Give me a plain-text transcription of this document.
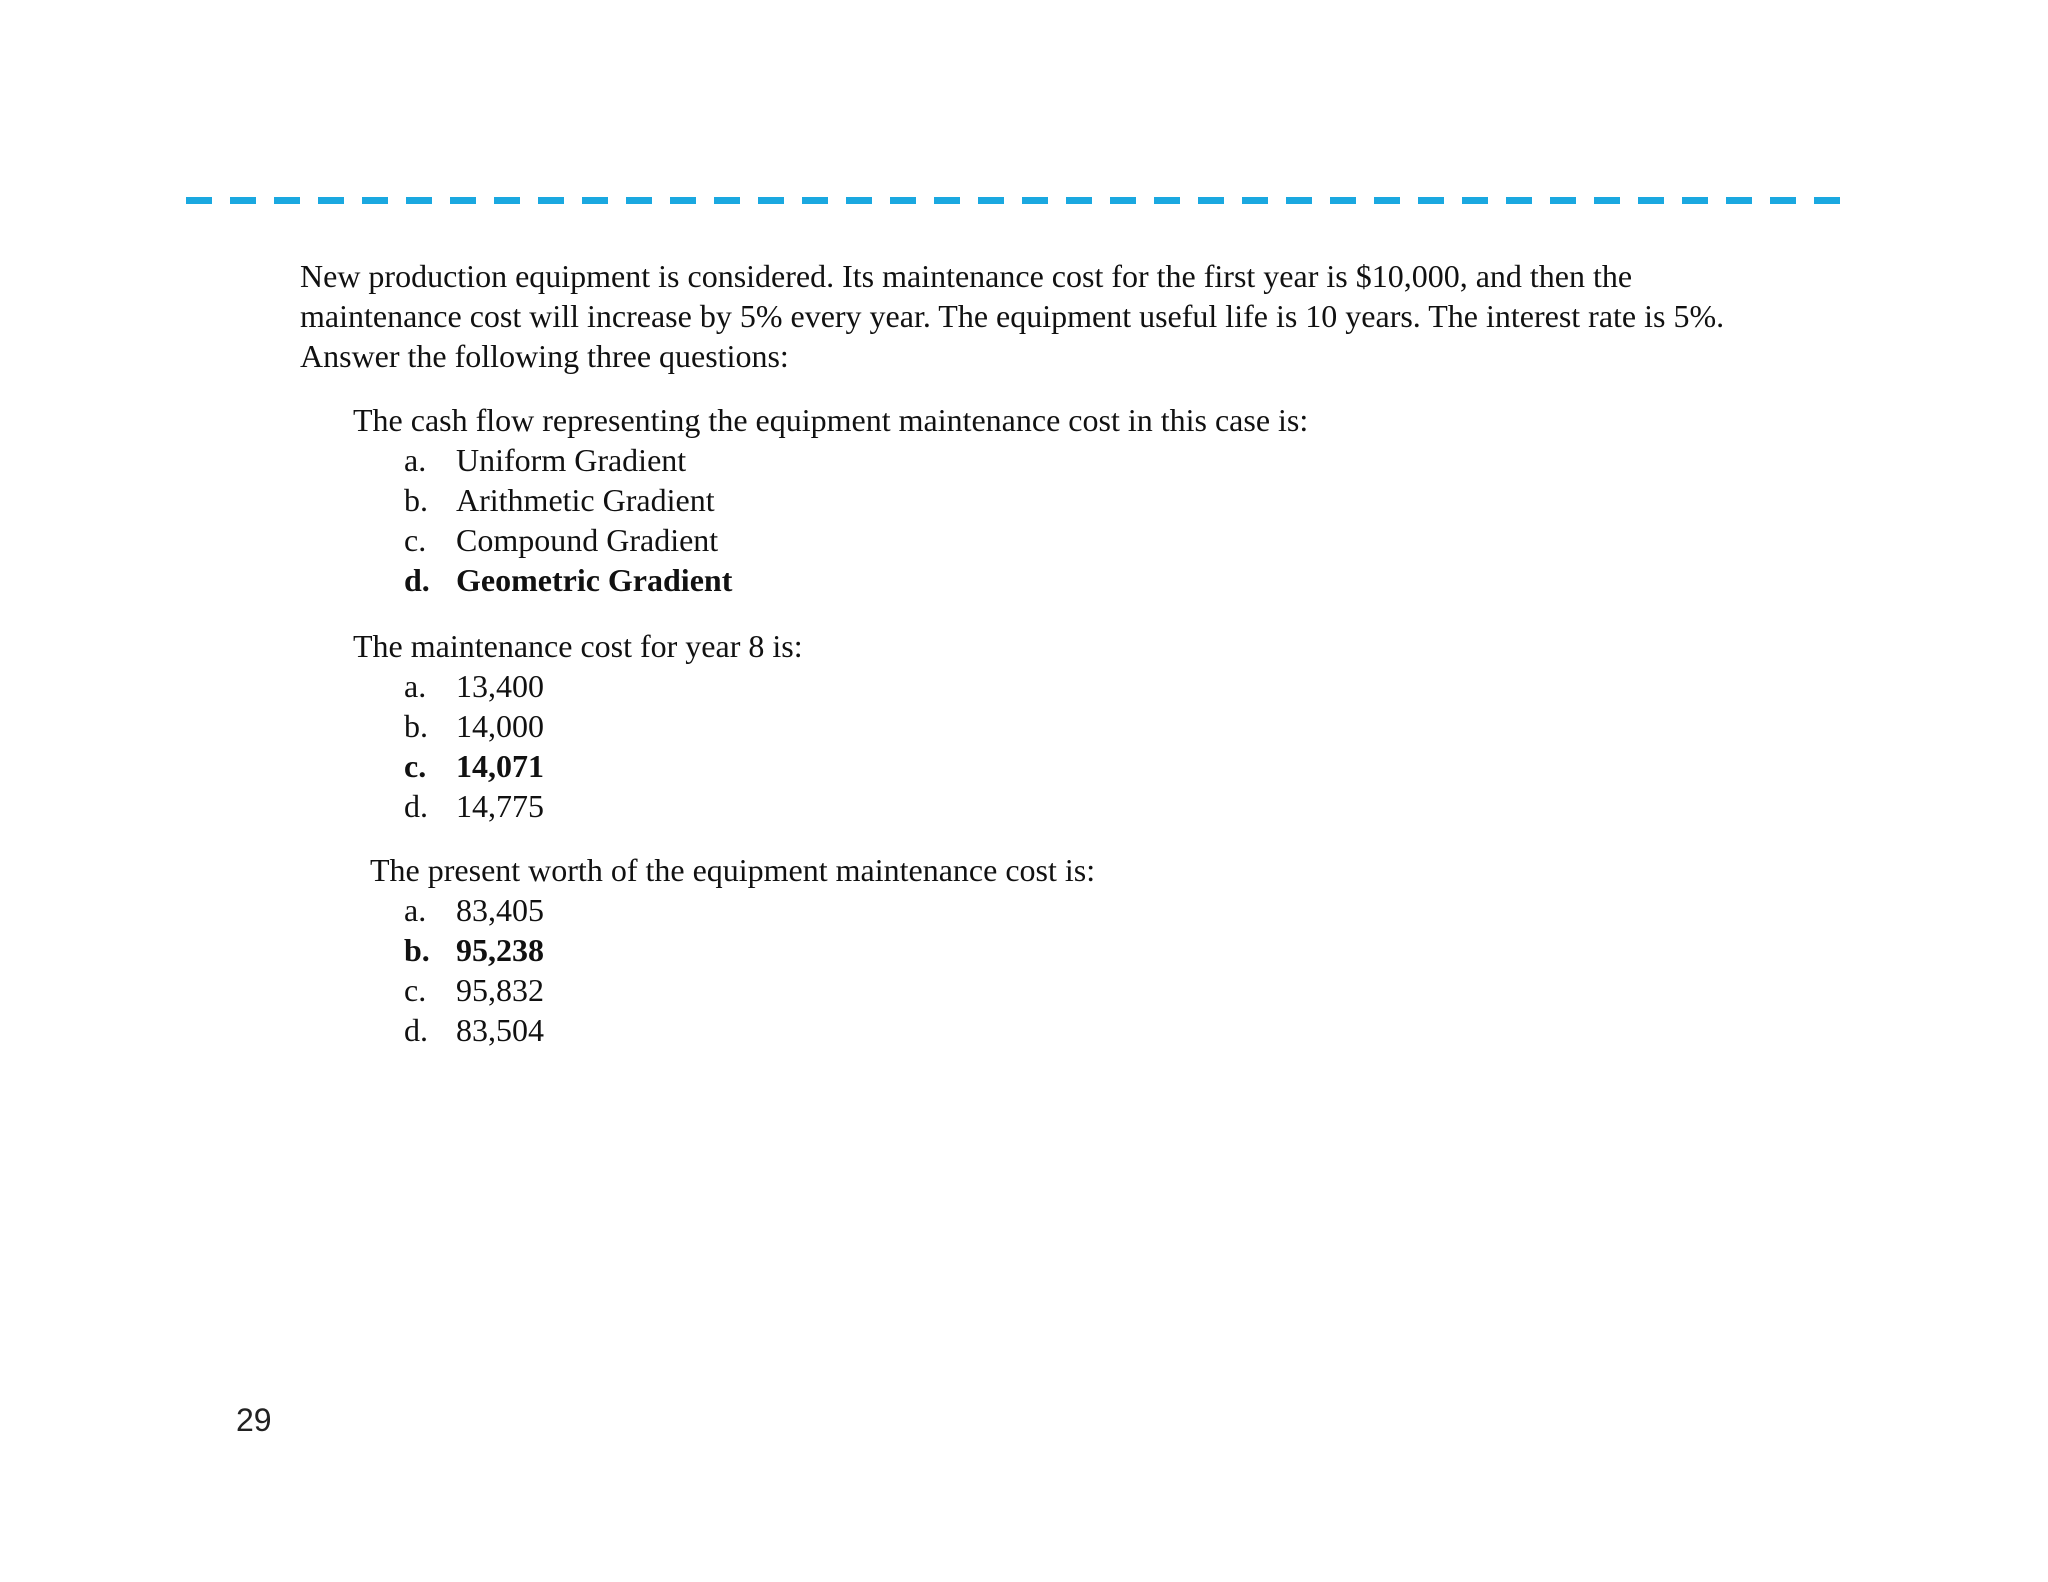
New production equipment is considered. Its maintenance cost for the first year is $10,000, and then the maintenance cost will increase by 5% every year. The equipment useful life is 10 years. The interest rate is 5%. Answer the following three questions:

The cash flow representing the equipment maintenance cost in this case is:

a. Uniform Gradient
b. Arithmetic Gradient
c. Compound Gradient
d. Geometric Gradient

The maintenance cost for year 8 is:

a. 13,400
b. 14,000
c. 14,071
d. 14,775

The present worth of the equipment maintenance cost is:

a. 83,405
b. 95,238
c. 95,832
d. 83,504
29
